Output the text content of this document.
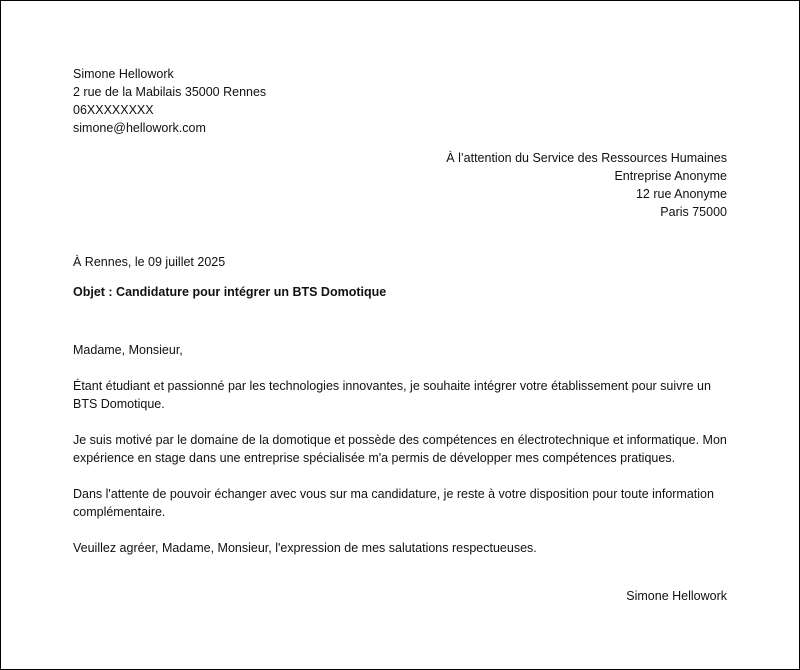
Simone Hellowork
2 rue de la Mabilais 35000 Rennes
06XXXXXXXX
simone@hellowork.com
À l’attention du Service des Ressources Humaines
Entreprise Anonyme
12 rue Anonyme
Paris 75000
À Rennes, le 09 juillet 2025
Objet : Candidature pour intégrer un BTS Domotique

Madame, Monsieur,

Étant étudiant et passionné par les technologies innovantes, je souhaite intégrer votre établissement pour suivre un BTS Domotique.

Je suis motivé par le domaine de la domotique et possède des compétences en électrotechnique et informatique. Mon expérience en stage dans une entreprise spécialisée m'a permis de développer mes compétences pratiques.

Dans l'attente de pouvoir échanger avec vous sur ma candidature, je reste à votre disposition pour toute information complémentaire.

Veuillez agréer, Madame, Monsieur, l'expression de mes salutations respectueuses.

Simone Hellowork
